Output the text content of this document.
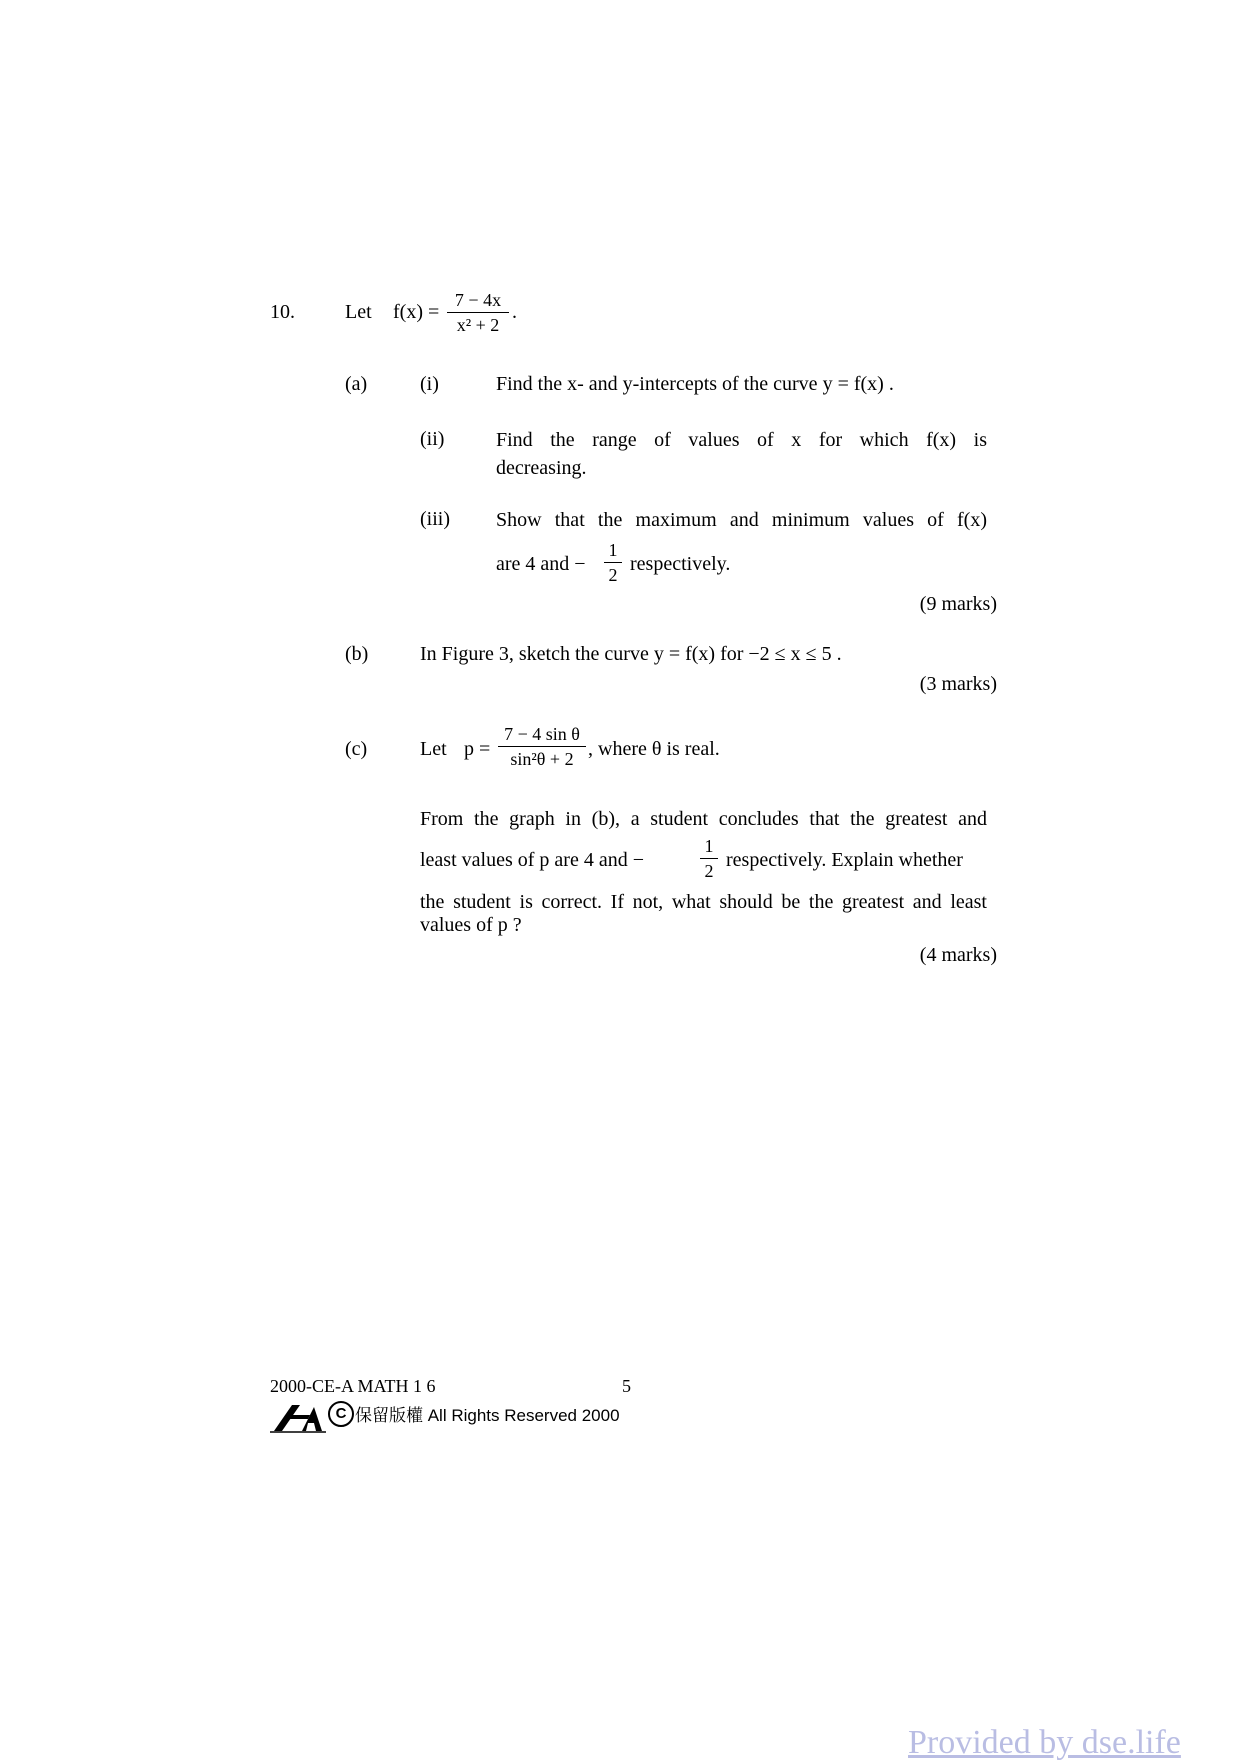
10.	Let f(x) =
7 − 4x
x² + 2
.
(a)	(i)	Find the x- and y-intercepts of the curve y = f(x) .
(ii)	Find the range of values of x for which f(x) is
decreasing.
(iii) Show that the maximum and minimum values of f(x)
are 4 and −
1
2 respectively.
(9 marks)
(b)	In Figure 3, sketch the curve y = f(x) for −2 ≤ x ≤ 5 .
(3 marks)
(c)	Let p =
7 − 4 sin θ
sin²θ + 2 , where θ is real.
From the graph in (b), a student concludes that the greatest and
least values of p are 4 and −
1
2 respectively. Explain whether
the student is correct. If not, what should be the greatest and least
values of p ?
(4 marks)
2000-CE-A MATH 1 6	5
C 保留版權 All Rights Reserved 2000
Provided by dse.life
